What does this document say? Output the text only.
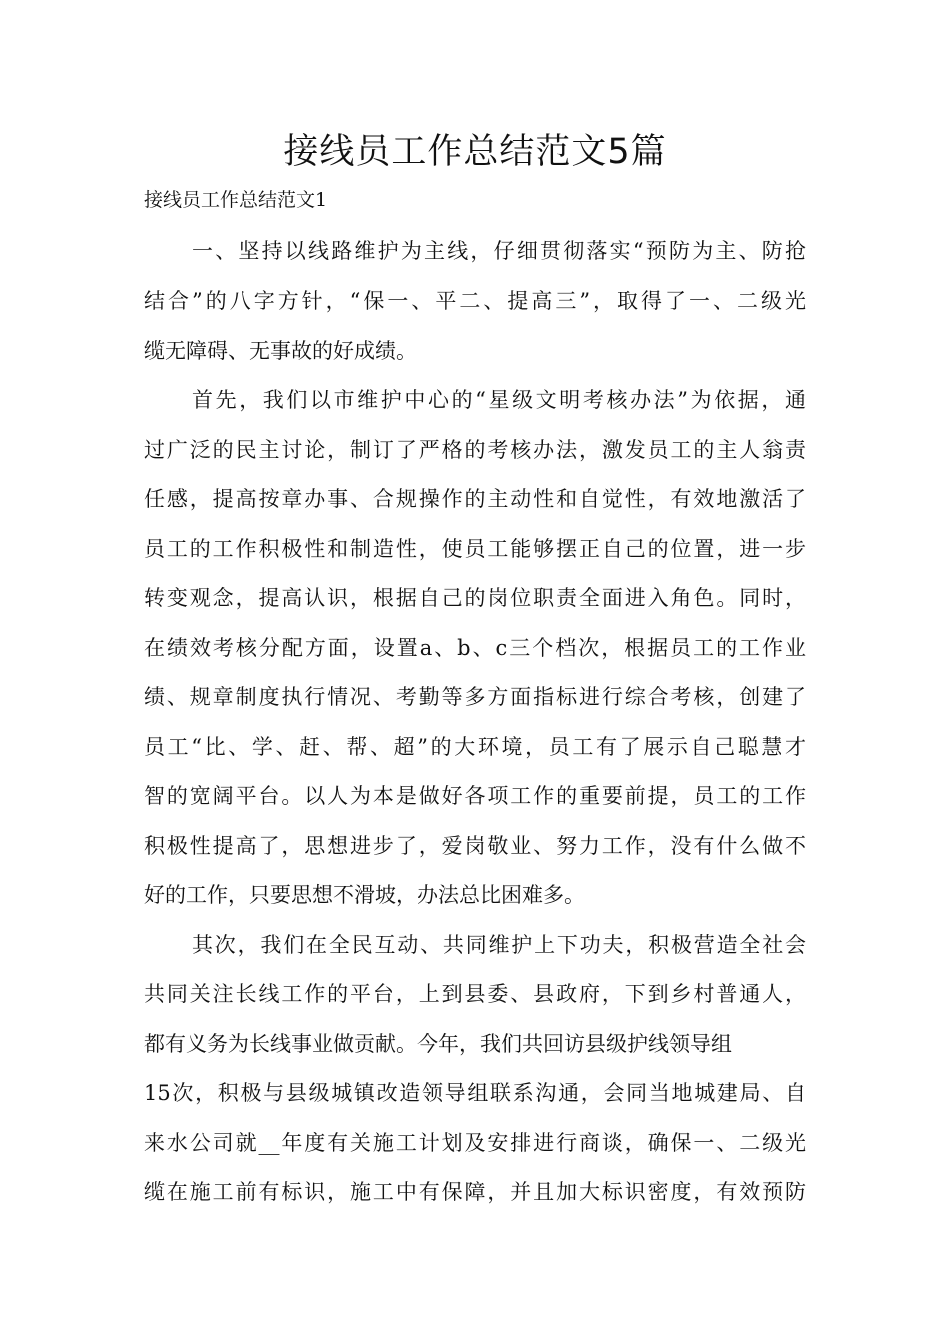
接线员工作总结范文5篇

接线员工作总结范文1

一、坚持以线路维护为主线，仔细贯彻落实“预防为主、防抢

结合”的八字方针，“保一、平二、提高三”，取得了一、二级光

缆无障碍、无事故的好成绩。

首先，我们以市维护中心的“星级文明考核办法”为依据，通

过广泛的民主讨论，制订了严格的考核办法，激发员工的主人翁责

任感，提高按章办事、合规操作的主动性和自觉性，有效地激活了

员工的工作积极性和制造性，使员工能够摆正自己的位置，进一步

转变观念，提高认识，根据自己的岗位职责全面进入角色。同时，

在绩效考核分配方面，设置a、b、c三个档次，根据员工的工作业

绩、规章制度执行情况、考勤等多方面指标进行综合考核，创建了

员工“比、学、赶、帮、超”的大环境，员工有了展示自己聪慧才

智的宽阔平台。以人为本是做好各项工作的重要前提，员工的工作

积极性提高了，思想进步了，爱岗敬业、努力工作，没有什么做不

好的工作，只要思想不滑坡，办法总比困难多。

其次，我们在全民互动、共同维护上下功夫，积极营造全社会

共同关注长线工作的平台，上到县委、县政府，下到乡村普通人，

都有义务为长线事业做贡献。今年，我们共回访县级护线领导组

15次，积极与县级城镇改造领导组联系沟通，会同当地城建局、自

来水公司就__年度有关施工计划及安排进行商谈，确保一、二级光

缆在施工前有标识，施工中有保障，并且加大标识密度，有效预防
